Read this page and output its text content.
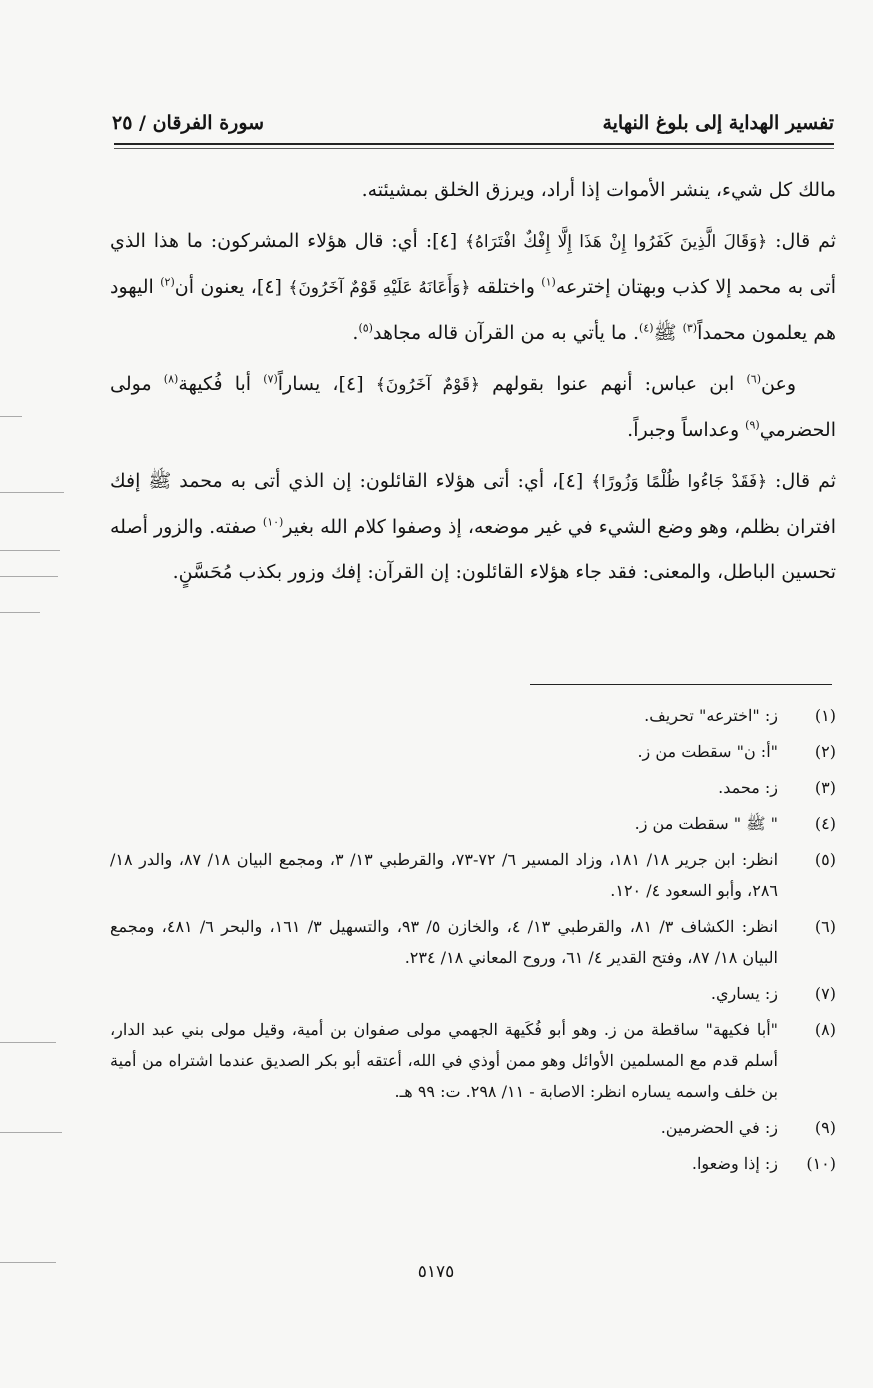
تفسير الهداية إلى بلوغ النهاية
سورة الفرقان / ٢٥

مالك كل شيء، ينشر الأموات إذا أراد، ويرزق الخلق بمشيئته.

ثم قال: ﴿وَقَالَ الَّذِينَ كَفَرُوا إِنْ هَذَا إِلَّا إِفْكٌ افْتَرَاهُ﴾ [٤]: أي: قال هؤلاء المشركون: ما هذا الذي أتى به محمد إلا كذب وبهتان إخترعه$^{(١)}$ واختلقه ﴿وَأَعَانَهُ عَلَيْهِ قَوْمٌ آخَرُونَ﴾ [٤]، يعنون أن$^{(٢)}$ اليهود هم يعلمون محمداً$^{(٣)}$ ﷺ$^{(٤)}$. ما يأتي به من القرآن قاله مجاهد$^{(٥)}$.

وعن$^{(٦)}$ ابن عباس: أنهم عنوا بقولهم ﴿قَوْمٌ آخَرُونَ﴾ [٤]، يساراً$^{(٧)}$ أبا فُكيهة$^{(٨)}$ مولى الحضرمي$^{(٩)}$ وعداساً وجبراً.

ثم قال: ﴿فَقَدْ جَاءُوا ظُلْمًا وَزُورًا﴾ [٤]، أي: أتى هؤلاء القائلون: إن الذي أتى به محمد ﷺ إفك افتران بظلم، وهو وضع الشيء في غير موضعه، إذ وصفوا كلام الله بغير$^{(١٠)}$ صفته. والزور أصله تحسين الباطل، والمعنى: فقد جاء هؤلاء القائلون: إن القرآن: إفك وزور بكذب مُحَسَّنٍ.

(١)
ز: "اخترعه" تحريف.
(٢)
"أ: ن" سقطت من ز.
(٣)
ز: محمد.
(٤)
" ﷺ " سقطت من ز.
(٥)
انظر: ابن جرير ١٨/ ١٨١، وزاد المسير ٦/ ٧٢-٧٣، والقرطبي ١٣/ ٣، ومجمع البيان ١٨/ ٨٧، والدر ١٨/ ٢٨٦، وأبو السعود ٤/ ١٢٠.
(٦)
انظر: الكشاف ٣/ ٨١، والقرطبي ١٣/ ٤، والخازن ٥/ ٩٣، والتسهيل ٣/ ١٦١، والبحر ٦/ ٤٨١، ومجمع البيان ١٨/ ٨٧، وفتح القدير ٤/ ٦١، وروح المعاني ١٨/ ٢٣٤.
(٧)
ز: يساري.
(٨)
"أبا فكيهة" ساقطة من ز. وهو أبو فُكَيهة الجهمي مولى صفوان بن أمية، وقيل مولى بني عبد الدار، أسلم قدم مع المسلمين الأوائل وهو ممن أوذي في الله، أعتقه أبو بكر الصديق عندما اشتراه من أمية بن خلف واسمه يساره انظر: الاصابة - ١١/ ٢٩٨. ت: ٩٩ هـ.
(٩)
ز: في الحضرمين.
(١٠)
ز: إذا وضعوا.
٥١٧٥
